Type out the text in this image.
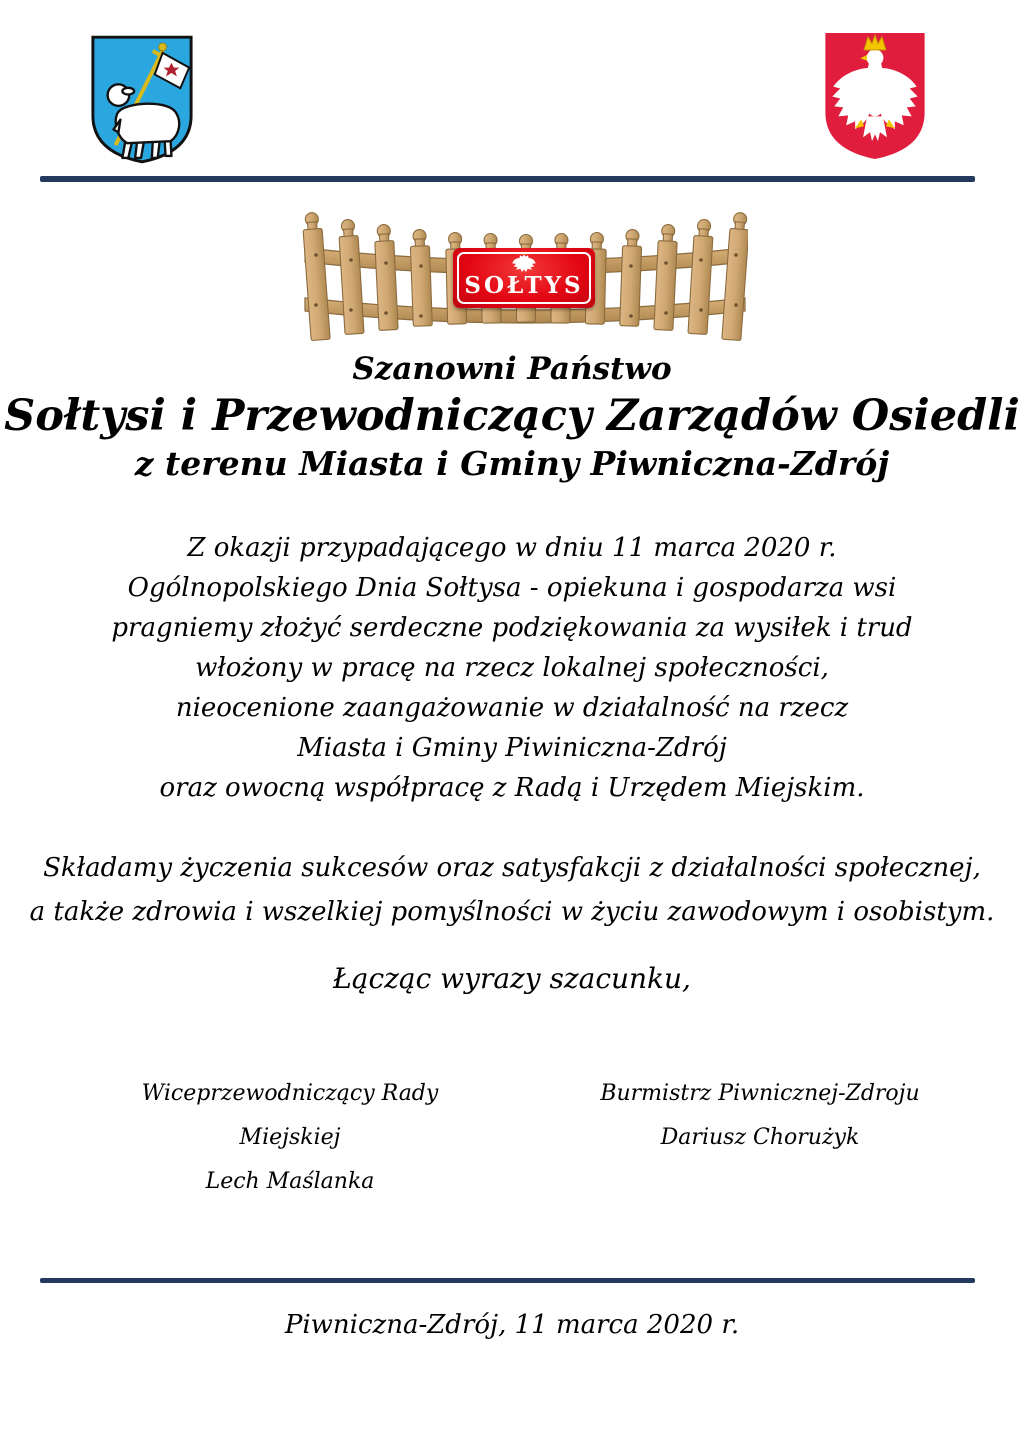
SOŁTYS
Szanowni Państwo
Sołtysi i Przewodniczący Zarządów Osiedli
z terenu Miasta i Gminy Piwniczna-Zdrój
Z okazji przypadającego w dniu 11 marca 2020 r.
Ogólnopolskiego Dnia Sołtysa - opiekuna i gospodarza wsi
pragniemy złożyć serdeczne podziękowania za wysiłek i trud
włożony w pracę na rzecz lokalnej społeczności,
nieocenione zaangażowanie w działalność na rzecz
Miasta i Gminy Piwiniczna-Zdrój
oraz owocną współpracę z Radą i Urzędem Miejskim.
Składamy życzenia sukcesów oraz satysfakcji z działalności społecznej,
a także zdrowia i wszelkiej pomyślności w życiu zawodowym i osobistym.
Łącząc wyrazy szacunku,
Wiceprzewodniczący Rady Miejskiej
Lech Maślanka
Burmistrz Piwnicznej-Zdroju
Dariusz Chorużyk
Piwniczna-Zdrój, 11 marca 2020 r.
